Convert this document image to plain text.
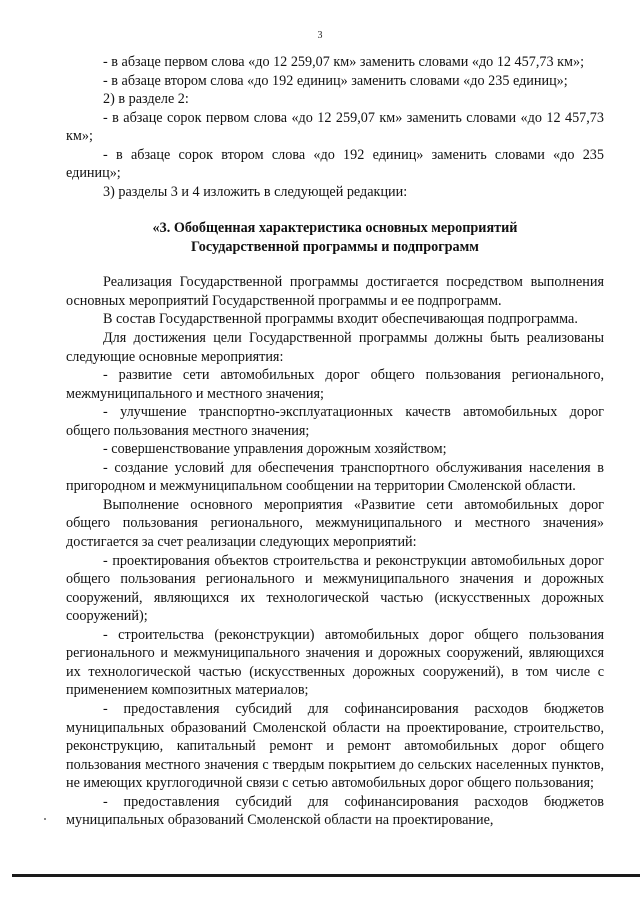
3

- в абзаце первом слова «до 12 259,07 км» заменить словами «до 12 457,73 км»;

- в абзаце втором слова «до 192 единиц» заменить словами «до 235 единиц»;

2) в разделе 2:

- в абзаце сорок первом слова «до 12 259,07 км» заменить словами «до 12 457,73 км»;

- в абзаце сорок втором слова «до 192 единиц» заменить словами «до 235 единиц»;

3) разделы 3 и 4 изложить в следующей редакции:

«3. Обобщенная характеристика основных мероприятий
Государственной программы и подпрограмм

Реализация Государственной программы достигается посредством выполнения основных мероприятий Государственной программы и ее подпрограмм.

В состав Государственной программы входит обеспечивающая подпрограмма.

Для достижения цели Государственной программы должны быть реализованы следующие основные мероприятия:

- развитие сети автомобильных дорог общего пользования регионального, межмуниципального и местного значения;

- улучшение транспортно-эксплуатационных качеств автомобильных дорог общего пользования местного значения;

- совершенствование управления дорожным хозяйством;

- создание условий для обеспечения транспортного обслуживания населения в пригородном и межмуниципальном сообщении на территории Смоленской области.

Выполнение основного мероприятия «Развитие сети автомобильных дорог общего пользования регионального, межмуниципального и местного значения» достигается за счет реализации следующих мероприятий:

- проектирования объектов строительства и реконструкции автомобильных дорог общего пользования регионального и межмуниципального значения и дорожных сооружений, являющихся их технологической частью (искусственных дорожных сооружений);

- строительства (реконструкции) автомобильных дорог общего пользования регионального и межмуниципального значения и дорожных сооружений, являющихся их технологической частью (искусственных дорожных сооружений), в том числе с применением композитных материалов;

- предоставления субсидий для софинансирования расходов бюджетов муниципальных образований Смоленской области на проектирование, строительство, реконструкцию, капитальный ремонт и ремонт автомобильных дорог общего пользования местного значения с твердым покрытием до сельских населенных пунктов, не имеющих круглогодичной связи с сетью автомобильных дорог общего пользования;

- предоставления субсидий для софинансирования расходов бюджетов муниципальных образований Смоленской области на проектирование,
